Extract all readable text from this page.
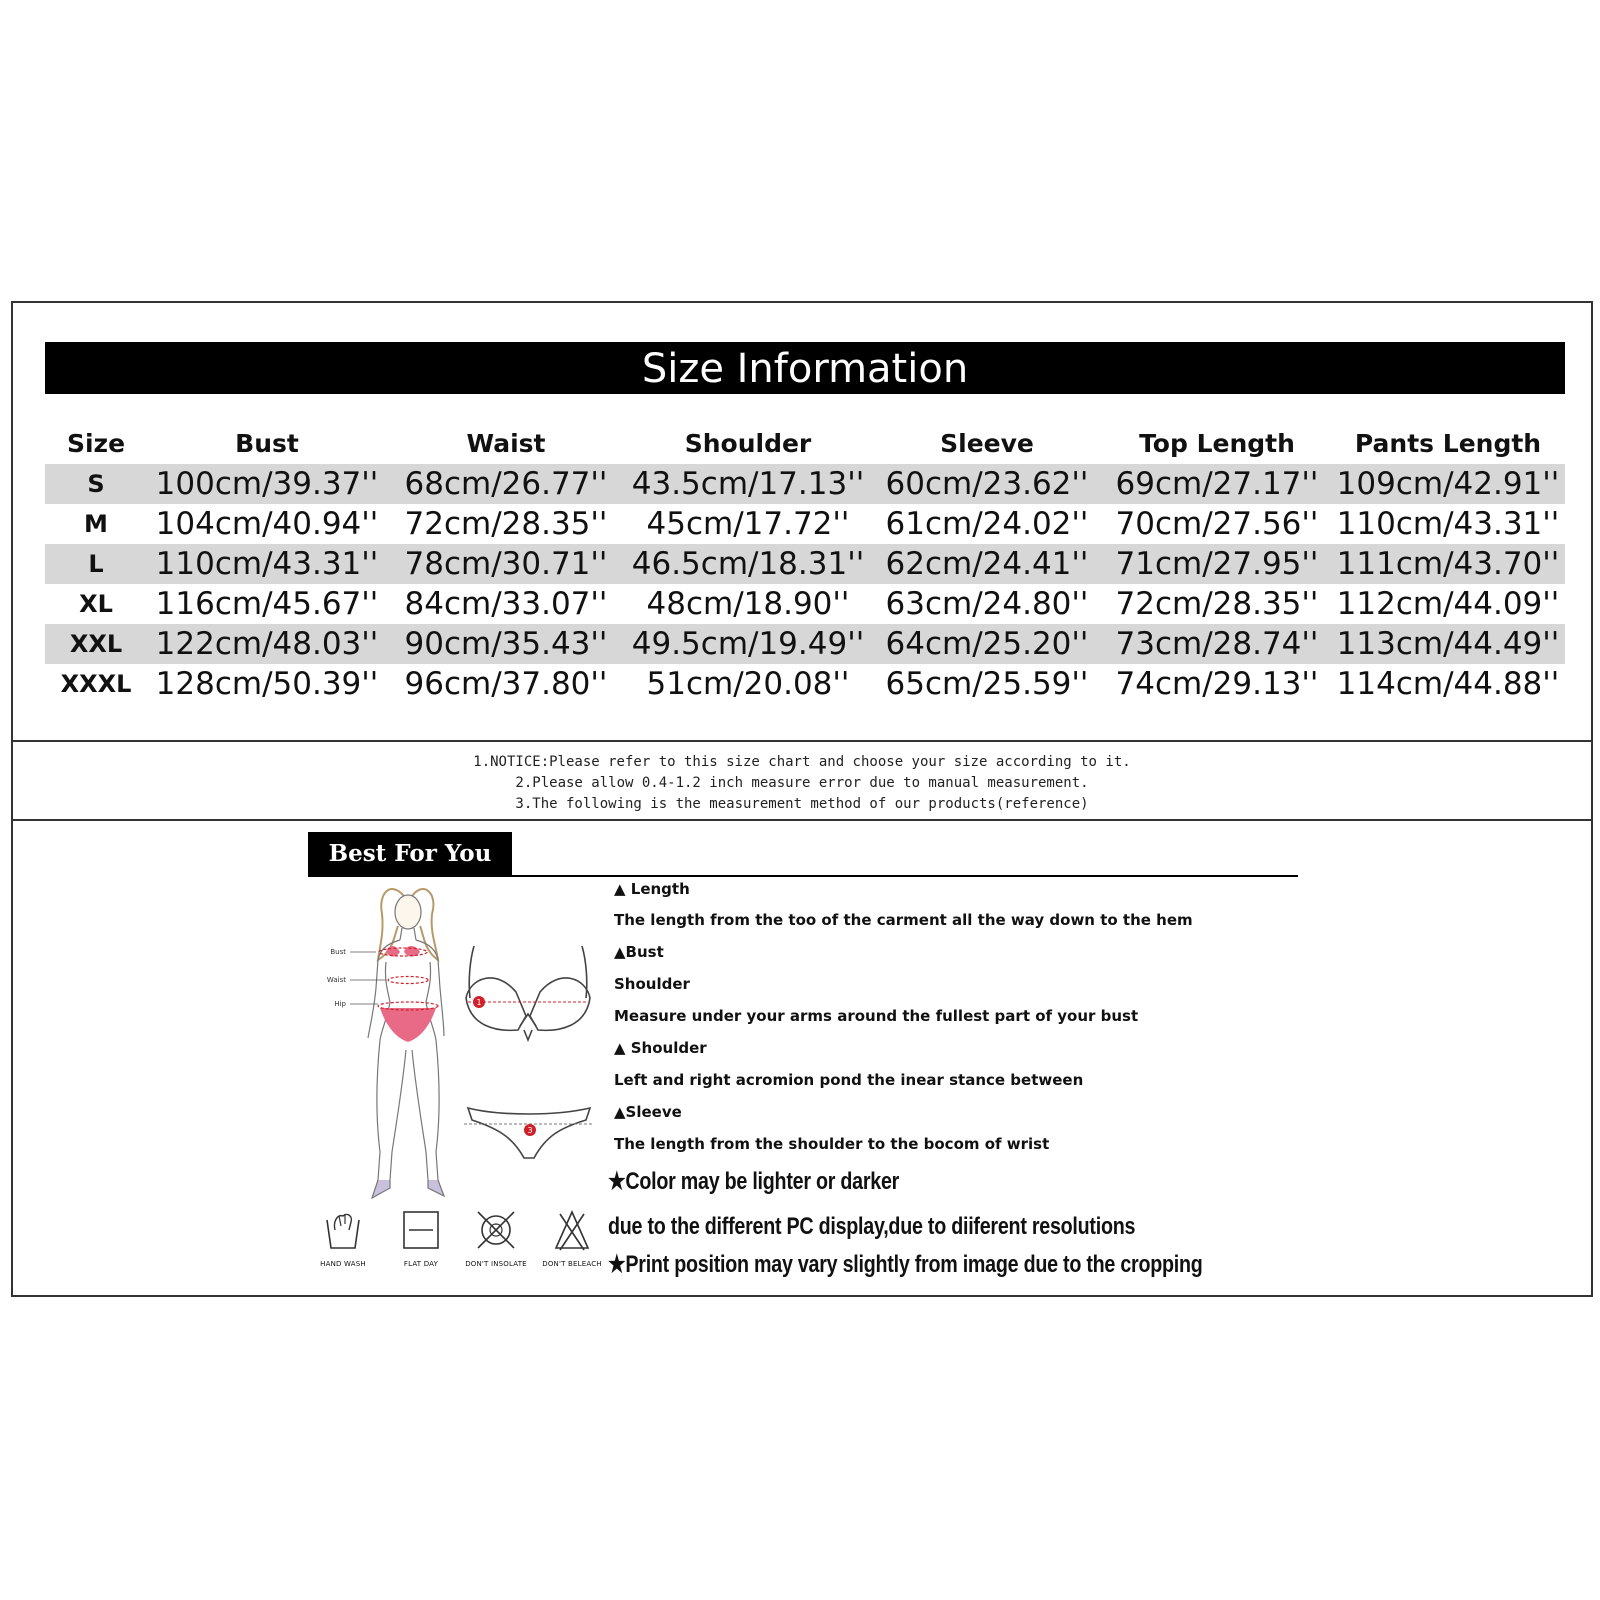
Size Information
Size	Bust	Waist	Shoulder	Sleeve	Top Length	Pants Length
S	100cm/39.37''	68cm/26.77''	43.5cm/17.13''	60cm/23.62''	69cm/27.17''	109cm/42.91''
M	104cm/40.94''	72cm/28.35''	45cm/17.72''	61cm/24.02''	70cm/27.56''	110cm/43.31''
L	110cm/43.31''	78cm/30.71''	46.5cm/18.31''	62cm/24.41''	71cm/27.95''	111cm/43.70''
XL	116cm/45.67''	84cm/33.07''	48cm/18.90''	63cm/24.80''	72cm/28.35''	112cm/44.09''
XXL	122cm/48.03''	90cm/35.43''	49.5cm/19.49''	64cm/25.20''	73cm/28.74''	113cm/44.49''
XXXL	128cm/50.39''	96cm/37.80''	51cm/20.08''	65cm/25.59''	74cm/29.13''	114cm/44.88''
1.NOTICE:Please refer to this size chart and choose your size according to it.
2.Please allow 0.4-1.2 inch measure error due to manual measurement.
3.The following is the measurement method of our products(reference)
Best For You
Bust
Waist
Hip	1
3
HAND WASH	FLAT DAY	DON'T INSOLATE	DON'T BELEACH
▲ Length
The length from the too of the carment all the way down to the hem
▲Bust
Shoulder
Measure under your arms around the fullest part of your bust
▲ Shoulder
Left and right acromion pond the inear stance between
▲Sleeve
The length from the shoulder to the bocom of wrist
★Color may be lighter or darker
due to the different PC display,due to diiferent resolutions
★Print position may vary slightly from image due to the cropping
